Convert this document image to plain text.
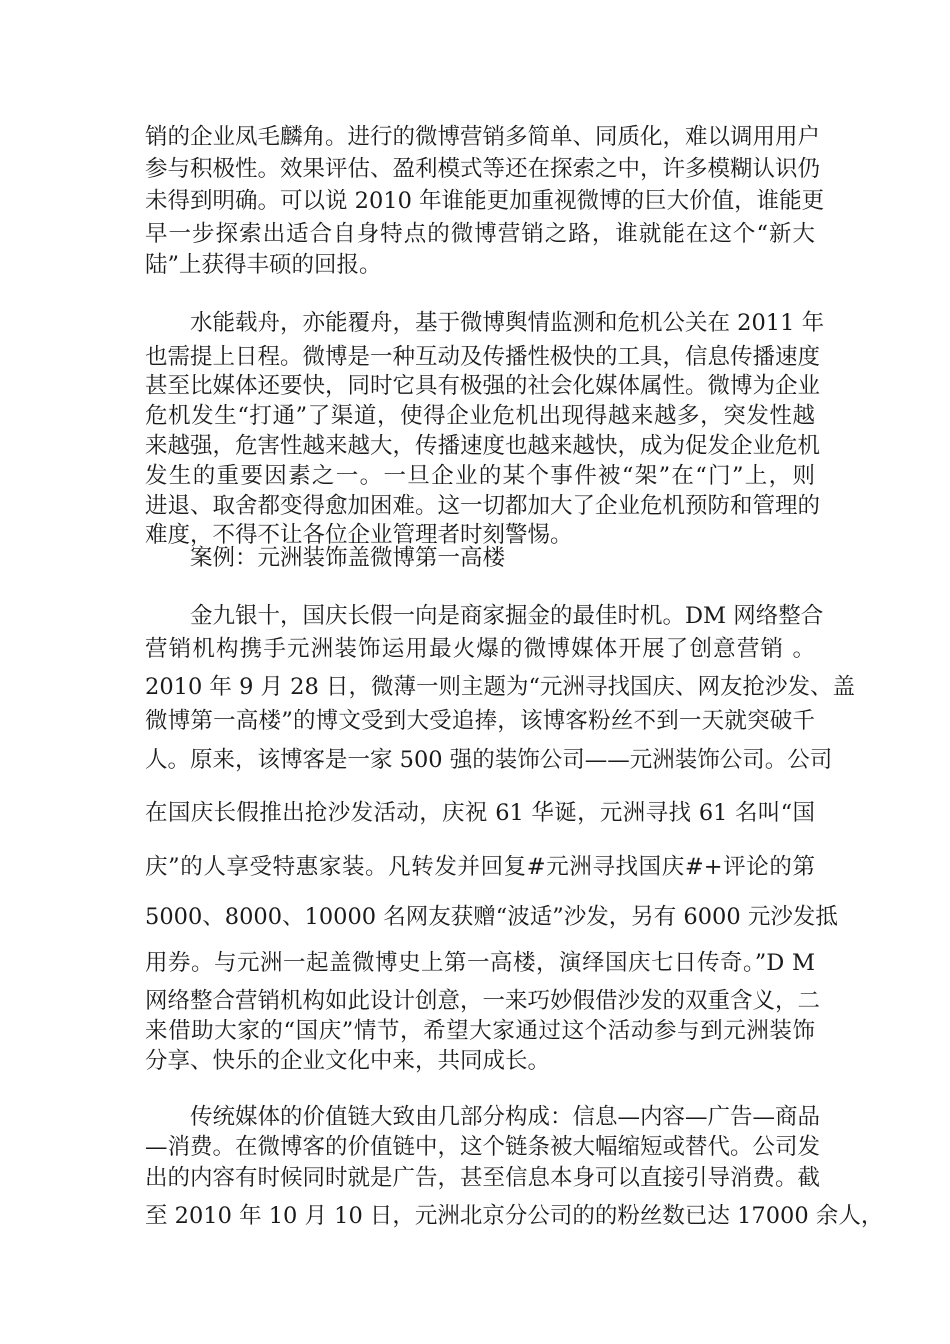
销的企业凤毛麟角。进行的微博营销多简单、同质化，难以调用用户
参与积极性。效果评估、盈利模式等还在探索之中，许多模糊认识仍
未得到明确。可以说 2010 年谁能更加重视微博的巨大价值，谁能更
早一步探索出适合自身特点的微博营销之路，谁就能在这个“新大
陆”上获得丰硕的回报。
水能载舟，亦能覆舟，基于微博舆情监测和危机公关在 2011 年
也需提上日程。微博是一种互动及传播性极快的工具，信息传播速度
甚至比媒体还要快，同时它具有极强的社会化媒体属性。微博为企业
危机发生“打通”了渠道，使得企业危机出现得越来越多，突发性越
来越强，危害性越来越大，传播速度也越来越快，成为促发企业危机
发生的重要因素之一。一旦企业的某个事件被“架”在“门”上，则
进退、取舍都变得愈加困难。这一切都加大了企业危机预防和管理的
难度，不得不让各位企业管理者时刻警惕。
案例：元洲装饰盖微博第一高楼
金九银十，国庆长假一向是商家掘金的最佳时机。DM 网络整合
营销机构携手元洲装饰运用最火爆的微博媒体开展了创意营销 。
2010 年 9 月 28 日，微薄一则主题为“元洲寻找国庆、网友抢沙发、盖
微博第一高楼”的博文受到大受追捧，该博客粉丝不到一天就突破千
人。原来，该博客是一家 500 强的装饰公司——元洲装饰公司。公司
在国庆长假推出抢沙发活动，庆祝 61 华诞，元洲寻找 61 名叫“国
庆”的人享受特惠家装。凡转发并回复#元洲寻找国庆#+评论的第
5000、8000、10000 名网友获赠“波适”沙发，另有 6000 元沙发抵
用券。与元洲一起盖微博史上第一高楼，演绎国庆七日传奇。”D M
网络整合营销机构如此设计创意，一来巧妙假借沙发的双重含义，二
来借助大家的“国庆”情节，希望大家通过这个活动参与到元洲装饰
分享、快乐的企业文化中来，共同成长。
传统媒体的价值链大致由几部分构成：信息—内容—广告—商品
—消费。在微博客的价值链中，这个链条被大幅缩短或替代。公司发
出的内容有时候同时就是广告，甚至信息本身可以直接引导消费。截
至 2010 年 10 月 10 日，元洲北京分公司的的粉丝数已达 17000 余人，
